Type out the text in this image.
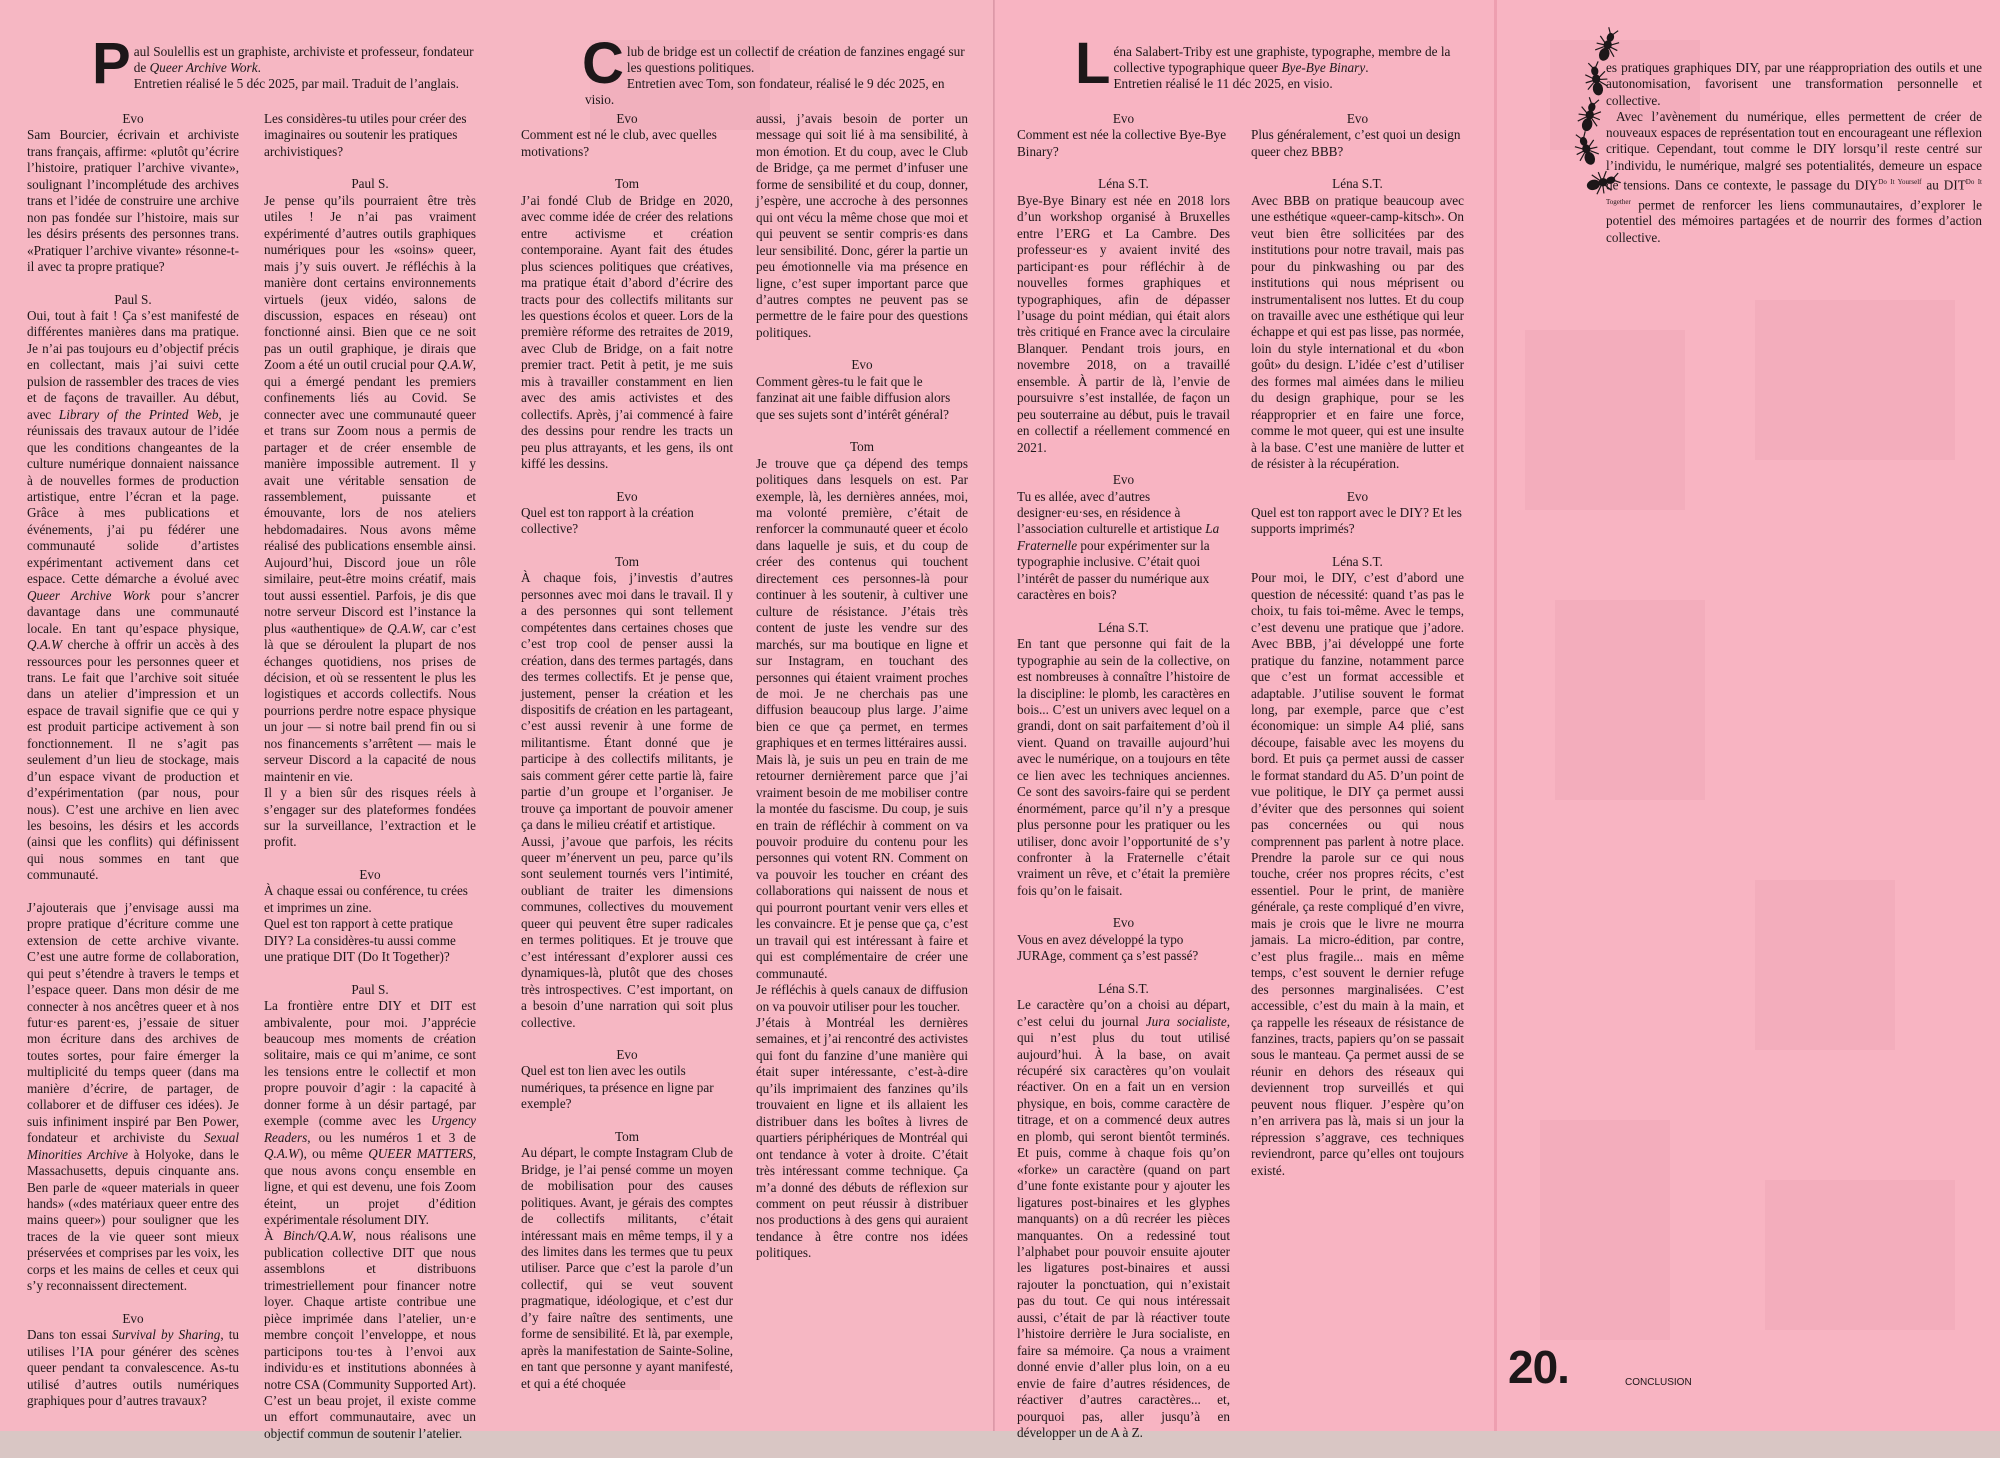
Paul Soulellis est un graphiste, archiviste et professeur, fondateur de Queer Archive Work.
Entretien réalisé le 5 déc 2025, par mail. Traduit de l’anglais.	Club de bridge est un collectif de création de fanzines engagé sur les questions politiques.
Entretien avec Tom, son fondateur, réalisé le 9 déc 2025, en visio.

Evo

Sam Bourcier, écrivain et archiviste trans français, affirme: «plutôt qu’écrire l’histoire, pratiquer l’archive vivante», soulignant l’incomplétude des archives trans et l’idée de construire une archive non pas fondée sur l’histoire, mais sur les désirs présents des personnes trans. «Pratiquer l’archive vivante» résonne-t-il avec ta propre pratique?

Paul S.

Oui, tout à fait ! Ça s’est manifesté de différentes manières dans ma pratique. Je n’ai pas toujours eu d’objectif précis en collectant, mais j’ai suivi cette pulsion de rassembler des traces de vies et de façons de travailler. Au début, avec Library of the Printed Web, je réunissais des travaux autour de l’idée que les conditions changeantes de la culture numérique donnaient naissance à de nouvelles formes de production artistique, entre l’écran et la page. Grâce à mes publications et événements, j’ai pu fédérer une communauté solide d’artistes expérimentant activement dans cet espace. Cette démarche a évolué avec Queer Archive Work pour s’ancrer davantage dans une communauté locale. En tant qu’espace physique, Q.A.W cherche à offrir un accès à des ressources pour les personnes queer et trans. Le fait que l’archive soit située dans un atelier d’impression et un espace de travail signifie que ce qui y est produit participe activement à son fonctionnement. Il ne s’agit pas seulement d’un lieu de stockage, mais d’un espace vivant de production et d’expérimentation (par nous, pour nous). C’est une archive en lien avec les besoins, les désirs et les accords (ainsi que les conflits) qui définissent qui nous sommes en tant que communauté.

J’ajouterais que j’envisage aussi ma propre pratique d’écriture comme une extension de cette archive vivante. C’est une autre forme de collaboration, qui peut s’étendre à travers le temps et l’espace queer. Dans mon désir de me connecter à nos ancêtres queer et à nos futur·es parent·es, j’essaie de situer mon écriture dans des archives de toutes sortes, pour faire émerger la multiplicité du temps queer (dans ma manière d’écrire, de partager, de collaborer et de diffuser ces idées). Je suis infiniment inspiré par Ben Power, fondateur et archiviste du Sexual Minorities Archive à Holyoke, dans le Massachusetts, depuis cinquante ans. Ben parle de «queer materials in queer hands» («des matériaux queer entre des mains queer») pour souligner que les traces de la vie queer sont mieux préservées et comprises par les voix, les corps et les mains de celles et ceux qui s’y reconnaissent directement.

Evo

Dans ton essai Survival by Sharing, tu utilises l’IA pour générer des scènes queer pendant ta convalescence. As-tu utilisé d’autres outils numériques graphiques pour d’autres travaux?

Les considères-tu utiles pour créer des imaginaires ou soutenir les pratiques archivistiques?

Paul S.

Je pense qu’ils pourraient être très utiles ! Je n’ai pas vraiment expérimenté d’autres outils graphiques numériques pour les «soins» queer, mais j’y suis ouvert. Je réfléchis à la manière dont certains environnements virtuels (jeux vidéo, salons de discussion, espaces en réseau) ont fonctionné ainsi. Bien que ce ne soit pas un outil graphique, je dirais que Zoom a été un outil crucial pour Q.A.W, qui a émergé pendant les premiers confinements liés au Covid. Se connecter avec une communauté queer et trans sur Zoom nous a permis de partager et de créer ensemble de manière impossible autrement. Il y avait une véritable sensation de rassemblement, puissante et émouvante, lors de nos ateliers hebdomadaires. Nous avons même réalisé des publications ensemble ainsi. Aujourd’hui, Discord joue un rôle similaire, peut-être moins créatif, mais tout aussi essentiel. Parfois, je dis que notre serveur Discord est l’instance la plus «authentique» de Q.A.W, car c’est là que se déroulent la plupart de nos échanges quotidiens, nos prises de décision, et où se ressentent le plus les logistiques et accords collectifs. Nous pourrions perdre notre espace physique un jour — si notre bail prend fin ou si nos financements s’arrêtent — mais le serveur Discord a la capacité de nous maintenir en vie.

Il y a bien sûr des risques réels à s’engager sur des plateformes fondées sur la surveillance, l’extraction et le profit.

Evo

À chaque essai ou conférence, tu crées et imprimes un zine.

Quel est ton rapport à cette pratique DIY? La considères-tu aussi comme une pratique DIT (Do It Together)?

Paul S.

La frontière entre DIY et DIT est ambivalente, pour moi. J’apprécie beaucoup mes moments de création solitaire, mais ce qui m’anime, ce sont les tensions entre le collectif et mon propre pouvoir d’agir : la capacité à donner forme à un désir partagé, par exemple (comme avec les Urgency Readers, ou les numéros 1 et 3 de Q.A.W), ou même QUEER MATTERS, que nous avons conçu ensemble en ligne, et qui est devenu, une fois Zoom éteint, un projet d’édition expérimentale résolument DIY.

À Binch/Q.A.W, nous réalisons une publication collective DIT que nous assemblons et distribuons trimestriellement pour financer notre loyer. Chaque artiste contribue une pièce imprimée dans l’atelier, un·e membre conçoit l’enveloppe, et nous participons tou·tes à l’envoi aux individu·es et institutions abonnées à notre CSA (Community Supported Art). C’est un beau projet, il existe comme un effort communautaire, avec un objectif commun de soutenir l’atelier.

Evo

Comment est né le club, avec quelles motivations?

Tom

J’ai fondé Club de Bridge en 2020, avec comme idée de créer des relations entre activisme et création contemporaine. Ayant fait des études plus sciences politiques que créatives, ma pratique était d’abord d’écrire des tracts pour des collectifs militants sur les questions écolos et queer. Lors de la première réforme des retraites de 2019, avec Club de Bridge, on a fait notre premier tract. Petit à petit, je me suis mis à travailler constamment en lien avec des amis activistes et des collectifs. Après, j’ai commencé à faire des dessins pour rendre les tracts un peu plus attrayants, et les gens, ils ont kiffé les dessins.

Evo

Quel est ton rapport à la création collective?

Tom

À chaque fois, j’investis d’autres personnes avec moi dans le travail. Il y a des personnes qui sont tellement compétentes dans certaines choses que c’est trop cool de penser aussi la création, dans des termes partagés, dans des termes collectifs. Et je pense que, justement, penser la création et les dispositifs de création en les partageant, c’est aussi revenir à une forme de militantisme. Étant donné que je participe à des collectifs militants, je sais comment gérer cette partie là, faire partie d’un groupe et l’organiser. Je trouve ça important de pouvoir amener ça dans le milieu créatif et artistique.

Aussi, j’avoue que parfois, les récits queer m’énervent un peu, parce qu’ils sont seulement tournés vers l’intimité, oubliant de traiter les dimensions communes, collectives du mouvement queer qui peuvent être super radicales en termes politiques. Et je trouve que c’est intéressant d’explorer aussi ces dynamiques-là, plutôt que des choses très introspectives. C’est important, on a besoin d’une narration qui soit plus collective.

Evo

Quel est ton lien avec les outils numériques, ta présence en ligne par exemple?

Tom

Au départ, le compte Instagram Club de Bridge, je l’ai pensé comme un moyen de mobilisation pour des causes politiques. Avant, je gérais des comptes de collectifs militants, c’était intéressant mais en même temps, il y a des limites dans les termes que tu peux utiliser. Parce que c’est la parole d’un collectif, qui se veut souvent pragmatique, idéologique, et c’est dur d’y faire naître des sentiments, une forme de sensibilité. Et là, par exemple, après la manifestation de Sainte-Soline, en tant que personne y ayant manifesté, et qui a été choquée

aussi, j’avais besoin de porter un message qui soit lié à ma sensibilité, à mon émotion. Et du coup, avec le Club de Bridge, ça me permet d’infuser une forme de sensibilité et du coup, donner, j’espère, une accroche à des personnes qui ont vécu la même chose que moi et qui peuvent se sentir compris·es dans leur sensibilité. Donc, gérer la partie un peu émotionnelle via ma présence en ligne, c’est super important parce que d’autres comptes ne peuvent pas se permettre de le faire pour des questions politiques.

Evo

Comment gères-tu le fait que le fanzinat ait une faible diffusion alors que ses sujets sont d’intérêt général?

Tom

Je trouve que ça dépend des temps politiques dans lesquels on est. Par exemple, là, les dernières années, moi, ma volonté première, c’était de renforcer la communauté queer et écolo dans laquelle je suis, et du coup de créer des contenus qui touchent directement ces personnes-là pour continuer à les soutenir, à cultiver une culture de résistance. J’étais très content de juste les vendre sur des marchés, sur ma boutique en ligne et sur Instagram, en touchant des personnes qui étaient vraiment proches de moi. Je ne cherchais pas une diffusion beaucoup plus large. J’aime bien ce que ça permet, en termes graphiques et en termes littéraires aussi.

Mais là, je suis un peu en train de me retourner dernièrement parce que j’ai vraiment besoin de me mobiliser contre la montée du fascisme. Du coup, je suis en train de réfléchir à comment on va pouvoir produire du contenu pour les personnes qui votent RN. Comment on va pouvoir les toucher en créant des collaborations qui naissent de nous et qui pourront pourtant venir vers elles et les convaincre. Et je pense que ça, c’est un travail qui est intéressant à faire et qui est complémentaire de créer une communauté.

Je réfléchis à quels canaux de diffusion on va pouvoir utiliser pour les toucher.

J’étais à Montréal les dernières semaines, et j’ai rencontré des activistes qui font du fanzine d’une manière qui était super intéressante, c’est-à-dire qu’ils imprimaient des fanzines qu’ils trouvaient en ligne et ils allaient les distribuer dans les boîtes à livres de quartiers périphériques de Montréal qui ont tendance à voter à droite. C’était très intéressant comme technique. Ça m’a donné des débuts de réflexion sur comment on peut réussir à distribuer nos productions à des gens qui auraient tendance à être contre nos idées politiques.

Léna Salabert-Triby est une graphiste, typographe, membre de la collective typographique queer Bye-Bye Binary.
Entretien réalisé le 11 déc 2025, en visio.

Evo

Comment est née la collective Bye-Bye Binary?

Léna S.T.

Bye-Bye Binary est née en 2018 lors d’un workshop organisé à Bruxelles entre l’ERG et La Cambre. Des professeur·es y avaient invité des participant·es pour réfléchir à de nouvelles formes graphiques et typographiques, afin de dépasser l’usage du point médian, qui était alors très critiqué en France avec la circulaire Blanquer. Pendant trois jours, en novembre 2018, on a travaillé ensemble. À partir de là, l’envie de poursuivre s’est installée, de façon un peu souterraine au début, puis le travail en collectif a réellement commencé en 2021.

Evo

Tu es allée, avec d’autres designer·eu·ses, en résidence à l’association culturelle et artistique La Fraternelle pour expérimenter sur la typographie inclusive. C’était quoi l’intérêt de passer du numérique aux caractères en bois?

Léna S.T.

En tant que personne qui fait de la typographie au sein de la collective, on est nombreuses à connaître l’histoire de la discipline: le plomb, les caractères en bois... C’est un univers avec lequel on a grandi, dont on sait parfaitement d’où il vient. Quand on travaille aujourd’hui avec le numérique, on a toujours en tête ce lien avec les techniques anciennes. Ce sont des savoirs-faire qui se perdent énormément, parce qu’il n’y a presque plus personne pour les pratiquer ou les utiliser, donc avoir l’opportunité de s’y confronter à la Fraternelle c’était vraiment un rêve, et c’était la première fois qu’on le faisait.

Evo

Vous en avez développé la typo JURAge, comment ça s’est passé?

Léna S.T.

Le caractère qu’on a choisi au départ, c’est celui du journal Jura socialiste, qui n’est plus du tout utilisé aujourd’hui. À la base, on avait récupéré six caractères qu’on voulait réactiver. On en a fait un en version physique, en bois, comme caractère de titrage, et on a commencé deux autres en plomb, qui seront bientôt terminés. Et puis, comme à chaque fois qu’on «forke» un caractère (quand on part d’une fonte existante pour y ajouter les ligatures post-binaires et les glyphes manquants) on a dû recréer les pièces manquantes. On a redessiné tout l’alphabet pour pouvoir ensuite ajouter les ligatures post-binaires et aussi rajouter la ponctuation, qui n’existait pas du tout. Ce qui nous intéressait aussi, c’était de par là réactiver toute l’histoire derrière le Jura socialiste, en faire sa mémoire. Ça nous a vraiment donné envie d’aller plus loin, on a eu envie de faire d’autres résidences, de réactiver d’autres caractères... et, pourquoi pas, aller jusqu’à en développer un de A à Z.

Evo

Plus généralement, c’est quoi un design queer chez BBB?

Léna S.T.

Avec BBB on pratique beaucoup avec une esthétique «queer-camp-kitsch». On veut bien être sollicitées par des institutions pour notre travail, mais pas pour du pinkwashing ou par des institutions qui nous méprisent ou instrumentalisent nos luttes. Et du coup on travaille avec une esthétique qui leur échappe et qui est pas lisse, pas normée, loin du style international et du «bon goût» du design. L’idée c’est d’utiliser des formes mal aimées dans le milieu du design graphique, pour se les réapproprier et en faire une force, comme le mot queer, qui est une insulte à la base. C’est une manière de lutter et de résister à la récupération.

Evo

Quel est ton rapport avec le DIY? Et les supports imprimés?

Léna S.T.

Pour moi, le DIY, c’est d’abord une question de nécessité: quand t’as pas le choix, tu fais toi-même. Avec le temps, c’est devenu une pratique que j’adore. Avec BBB, j’ai développé une forte pratique du fanzine, notamment parce que c’est un format accessible et adaptable. J’utilise souvent le format long, par exemple, parce que c’est économique: un simple A4 plié, sans découpe, faisable avec les moyens du bord. Et puis ça permet aussi de casser le format standard du A5. D’un point de vue politique, le DIY ça permet aussi d’éviter que des personnes qui soient pas concernées ou qui nous comprennent pas parlent à notre place. Prendre la parole sur ce qui nous touche, créer nos propres récits, c’est essentiel. Pour le print, de manière générale, ça reste compliqué d’en vivre, mais je crois que le livre ne mourra jamais. La micro-édition, par contre, c’est plus fragile... mais en même temps, c’est souvent le dernier refuge des personnes marginalisées. C’est accessible, c’est du main à la main, et ça rappelle les réseaux de résistance de fanzines, tracts, papiers qu’on se passait sous le manteau. Ça permet aussi de se réunir en dehors des réseaux qui deviennent trop surveillés et qui peuvent nous fliquer. J’espère qu’on n’en arrivera pas là, mais si un jour la répression s’aggrave, ces techniques reviendront, parce qu’elles ont toujours existé.

es pratiques graphiques DIY, par une réappropriation des outils et une autonomisation, favorisent une transformation personnelle et collective.

Avec l’avènement du numérique, elles permettent de créer de nouveaux espaces de représentation tout en encourageant une réflexion critique. Cependant, tout comme le DIY lorsqu’il reste centré sur l’individu, le numérique, malgré ses potentialités, demeure un espace de tensions. Dans ce contexte, le passage du $DIY^{Do It Yourself}$ au $DIT^{Do It Together}$ permet de renforcer les liens communautaires, d’explorer le potentiel des mémoires partagées et de nourrir des formes d’action collective.

20.	CONCLUSION
